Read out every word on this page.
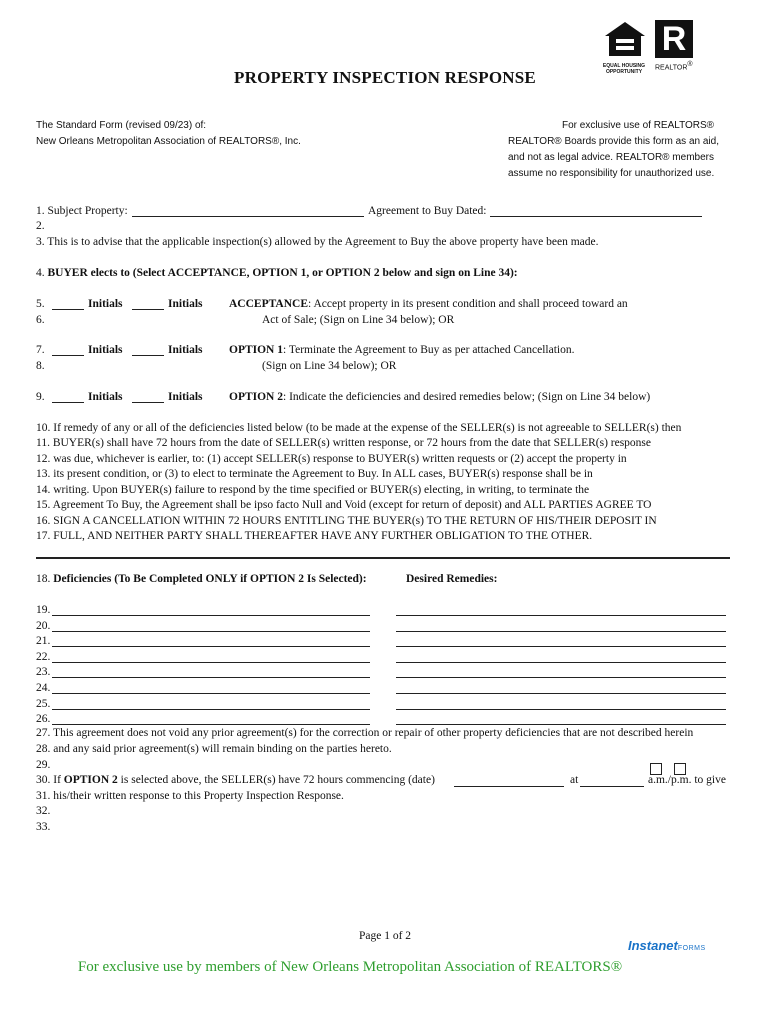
EQUAL HOUSING OPPORTUNITY
R
REALTOR®
PROPERTY INSPECTION RESPONSE
The Standard Form (revised 09/23) of:
New Orleans Metropolitan Association of REALTORS®, Inc.
For exclusive use of REALTORS®
REALTOR® Boards provide this form as an aid,
and not as legal advice. REALTOR® members
assume no responsibility for unauthorized use.
1. Subject Property:	Agreement to Buy Dated:
2.
3. This is to advise that the applicable inspection(s) allowed by the Agreement to Buy the above property have been made.
4. BUYER elects to (Select ACCEPTANCE, OPTION 1, or OPTION 2 below and sign on Line 34):
5.	Initials	Initials ACCEPTANCE: Accept property in its present condition and shall proceed toward an
6.	Act of Sale; (Sign on Line 34 below); OR
7.	Initials	Initials OPTION 1: Terminate the Agreement to Buy as per attached Cancellation.
8.	(Sign on Line 34 below); OR
9.	Initials	Initials OPTION 2: Indicate the deficiencies and desired remedies below; (Sign on Line 34 below)
10. If remedy of any or all of the deficiencies listed below (to be made at the expense of the SELLER(s) is not agreeable to SELLER(s) then
11. BUYER(s) shall have 72 hours from the date of SELLER(s) written response, or 72 hours from the date that SELLER(s) response
12. was due, whichever is earlier, to: (1) accept SELLER(s) response to BUYER(s) written requests or (2) accept the property in
13. its present condition, or (3) to elect to terminate the Agreement to Buy. In ALL cases, BUYER(s) response shall be in
14. writing. Upon BUYER(s) failure to respond by the time specified or BUYER(s) electing, in writing, to terminate the
15. Agreement To Buy, the Agreement shall be ipso facto Null and Void (except for return of deposit) and ALL PARTIES AGREE TO
16. SIGN A CANCELLATION WITHIN 72 HOURS ENTITLING THE BUYER(s) TO THE RETURN OF HIS/THEIR DEPOSIT IN
17. FULL, AND NEITHER PARTY SHALL THEREAFTER HAVE ANY FURTHER OBLIGATION TO THE OTHER.
18. Deficiencies (To Be Completed ONLY if OPTION 2 Is Selected):	Desired Remedies:
19.
20.
21.
22.
23.
24.
25.
26.
27. This agreement does not void any prior agreement(s) for the correction or repair of other property deficiencies that are not described herein
28. and any said prior agreement(s) will remain binding on the parties hereto.
29.
30. If OPTION 2 is selected above, the SELLER(s) have 72 hours commencing (date)	at	a.m./p.m. to give
31. his/their written response to this Property Inspection Response.
32.
33.
Page 1 of 2
InstanetFORMS
For exclusive use by members of New Orleans Metropolitan Association of REALTORS®
